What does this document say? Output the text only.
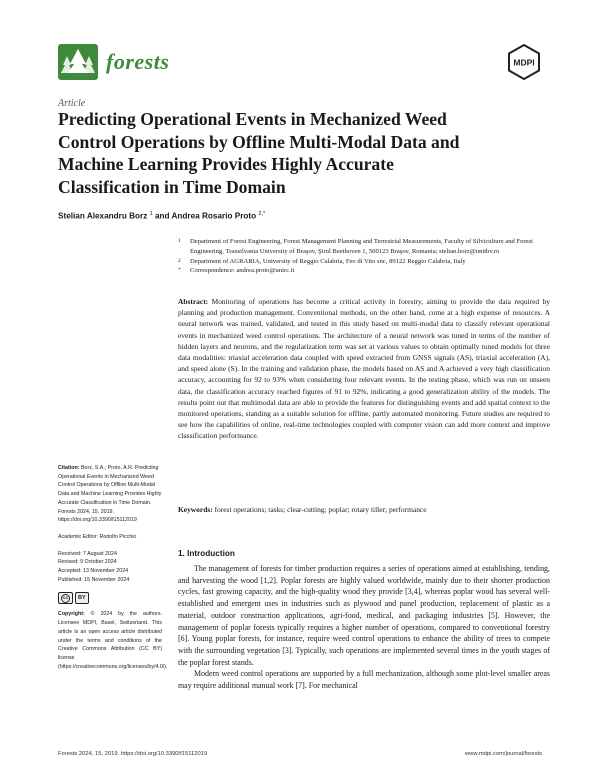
forests	MDPI
Article
Predicting Operational Events in Mechanized Weed Control Operations by Offline Multi-Modal Data and Machine Learning Provides Highly Accurate Classification in Time Domain
Stelian Alexandru Borz $^1$ and Andrea Rosario Proto $^{2,*}$
1	Department of Forest Engineering, Forest Management Planning and Terrestrial Measurements, Faculty of Silviculture and Forest Engineering, Transilvania University of Braşov, Şirul Beethoven 1, 500123 Braşov, Romania; stelian.borz@unitbv.ro
2	Department of AGRARIA, University of Reggio Calabria, Feo di Vito snc, 89122 Reggio Calabria, Italy
*	Correspondence: andrea.proto@unirc.it
Abstract: Monitoring of operations has become a critical activity in forestry, aiming to provide the data required by planning and production management. Conventional methods, on the other hand, come at a high expense of resources. A neural network was trained, validated, and tested in this study based on multi-modal data to classify relevant operational events in mechanized weed control operations. The architecture of a neural network was tuned in terms of the number of hidden layers and neurons, and the regularization term was set at various values to obtain optimally tuned models for three data modalities: triaxial acceleration data coupled with speed extracted from GNSS signals (AS), triaxial acceleration (A), and speed alone (S). In the training and validation phase, the models based on AS and A achieved a very high classification accuracy, accounting for 92 to 93% when considering four relevant events. In the testing phase, which was run on unseen data, the classification accuracy reached figures of 91 to 92%, indicating a good generalization ability of the models. The results point out that multimodal data are able to provide the features for distinguishing events and add spatial context to the monitored operations, standing as a suitable solution for offline, partly automated monitoring. Future studies are required to see how the capabilities of online, real-time technologies coupled with computer vision can add more context and improve classification performance.
Keywords: forest operations; tasks; clear-cutting; poplar; rotary tiller; performance
Citation: Borz, S.A.; Proto, A.R. Predicting Operational Events in Mechanized Weed Control Operations by Offline Multi-Modal Data and Machine Learning Provides Highly Accurate Classification in Time Domain. Forests 2024, 15, 2019. https://doi.org/10.3390/f15112019
Academic Editor: Rodolfo Picchio
Received: 7 August 2024
Revised: 9 October 2024
Accepted: 13 November 2024
Published: 15 November 2024
cc	BY
Copyright: © 2024 by the authors. Licensee MDPI, Basel, Switzerland. This article is an open access article distributed under the terms and conditions of the Creative Commons Attribution (CC BY) license (https://creativecommons.org/licenses/by/4.0/).
1. Introduction

The management of forests for timber production requires a series of operations aimed at establishing, tending, and harvesting the wood [1,2]. Poplar forests are highly valued worldwide, mainly due to their shorter production cycles, fast growing capacity, and the high-quality wood they provide [3,4], whereas poplar wood has several well-established and emergent uses in industries such as plywood and panel production, replacement of plastic as a material, outdoor construction applications, agri-food, medical, and packaging industries [5]. However, the management of poplar forests typically requires a higher number of operations, compared to conventional forestry [6]. Young poplar forests, for instance, require weed control operations to enhance the ability of trees to compete with the surrounding vegetation [3]. Typically, such operations are implemented several times in the youth stages of the poplar forest stands.

Modern weed control operations are supported by a full mechanization, although some plot-level smaller areas may require additional manual work [7]. For mechanical

Forests 2024, 15, 2019. https://doi.org/10.3390/f15112019	www.mdpi.com/journal/forests
